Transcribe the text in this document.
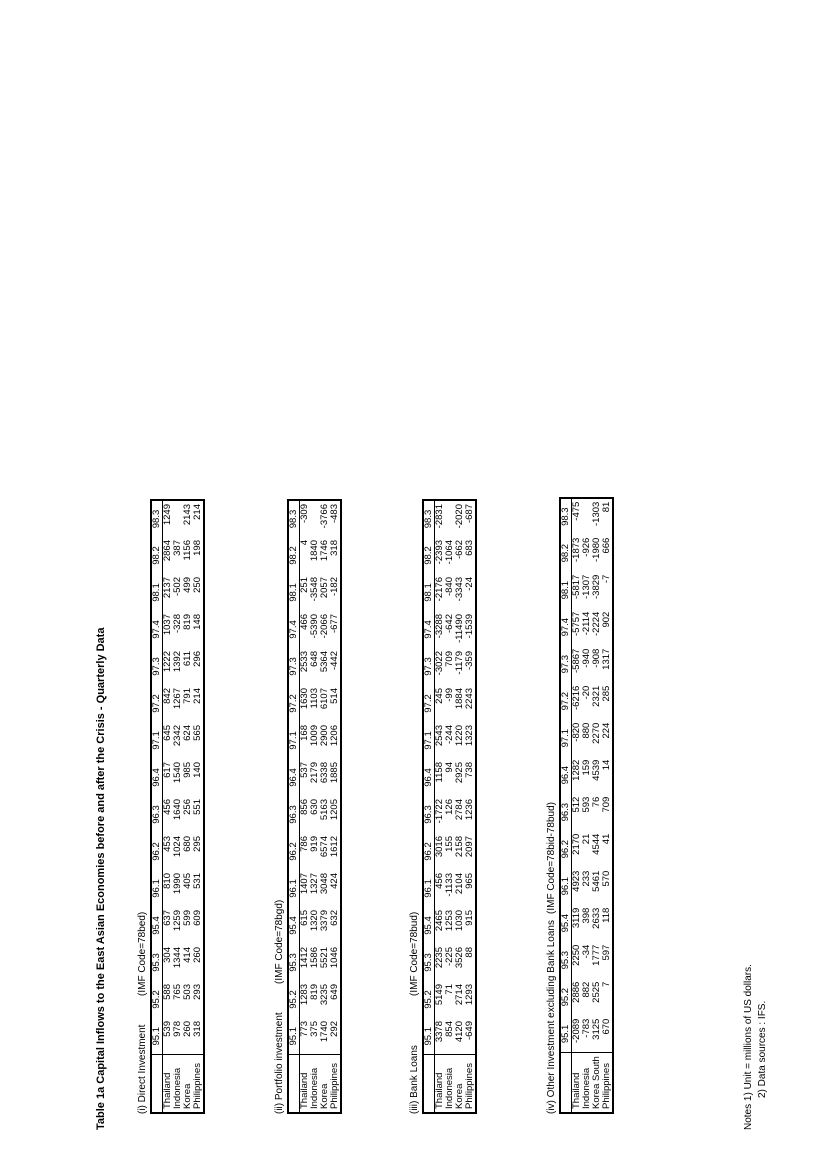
Table 1a Capital Inflows to the East Asian Economies before and after the Crisis - Quarterly Data	(i) Direct Investment
(IMF Code=78bed)
	95.1	95.2	95.3	95.4	96.1	96.2	96.3	96.4	97.1	97.2	97.3	97.4	98.1	98.2	98.3
Thailand	539	588	304	637	810	453	456	617	645	842	1222	1037	2137	2864	1249
Indonesia	978	765	1344	1259	1990	1024	1640	1540	2342	1267	1392	-328	-502	387	
Korea	260	503	414	599	405	680	256	985	624	791	611	819	499	1156	2143
Philippines	318	293	260	609	531	295	551	140	565	214	296	148	250	198	214
(ii) Portfolio investment
(IMF Code=78bgd)
	95.1	95.2	95.3	95.4	96.1	96.2	96.3	96.4	97.1	97.2	97.3	97.4	98.1	98.2	98.3
Thailand	773	1283	1412	615	1407	786	856	537	168	1630	2533	466	251	4	-309
Indonesia	375	819	1586	1320	1327	919	630	2179	1009	1103	648	-5390	-3548	1840	
Korea	1740	3235	5521	3379	3048	6574	5163	6338	2900	6107	5364	-2066	2057	1746	-3766
Philippines	292	649	1046	632	424	1612	1205	1885	1206	514	-442	-677	-182	318	-483
(iii) Bank Loans
(IMF Code=78bud)
	95.1	95.2	95.3	95.4	96.1	96.2	96.3	96.4	97.1	97.2	97.3	97.4	98.1	98.2	98.3
Thailand	3378	5149	2235	2465	456	3016	-1722	1158	2543	245	-3022	-3288	-2176	-2393	-2831
Indonesia	854	71	-225	1253	-1133	155	126	94	-244	-99	709	-642	-840	-1064	
Korea	4120	2714	3526	1030	2104	2158	2784	2925	1220	1884	-1179	-11490	-3343	-662	-2020
Philippines	-649	1293	88	915	965	2097	1236	738	1323	2243	-359	-1539	-24	683	-687
(iv) Other Investment excluding Bank Loans
(IMF Code=78bid-78bud)
	95.1	95.2	95.3	95.4	96.1	96.2	96.3	96.4	97.1	97.2	97.3	97.4	98.1	98.2	98.3
Thailand	-2089	2886	2250	3119	4923	2170	512	1282	-820	-6216	-5867	-5757	-5817	-1873	-475
Indonesia	-783	882	-34	398	233	21	593	159	880	-20	-940	-2114	-1307	-926	
Korea South	3125	2525	1777	2633	5461	4544	76	4539	2270	2321	-908	-2224	-3829	-1980	-1303
Philippines	670	7	597	118	570	41	709	14	224	285	1317	902	-7	666	81
Notes 1) Unit = millions of US dollars. 2) Data sources : IFS.
